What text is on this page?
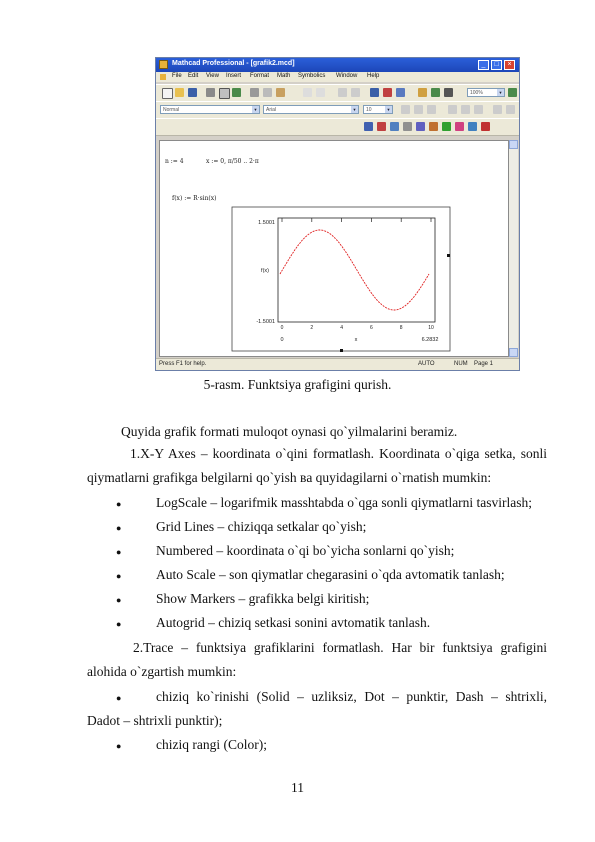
Mathcad Professional - [grafik2.mcd]	_	□	×
File Edit View Insert Format Math Symbolics Window Help
100%	▼
Normal	▼	Arial	▼	10	▼
n := 4	x := 0, π/50 .. 2·π
f(x) := R·sin(x)
1.5001
f(x)
-1.5001
0	2	4	6	8	10
0	x	6.2832
Press F1 for help.	AUTO	NUM Page 1
5-rasm. Funktsiya grafigini qurish.
Quyida grafik formati muloqot oynasi qo`yilmalarini beramiz.
1.X-Y Axes – koordinata o`qini formatlash. Koordinata o`qiga setka, sonli
qiymatlarni grafikga belgilarni qo`yish вa quyidagilarni o`rnatish mumkin:
●	LogScale – logarifmik masshtabda o`qga sonli qiymatlarni tasvirlash;
●	Grid Lines – chiziqqa setkalar qo`yish;
●	Numbered – koordinata o`qi bo`yicha sonlarni qo`yish;
●	Auto Scale – son qiymatlar chegarasini o`qda avtomatik tanlash;
●	Show Markers – grafikka belgi kiritish;
●	Autogrid – chiziq setkasi sonini avtomatik tanlash.
2.Trace – funktsiya grafiklarini formatlash. Har bir funktsiya grafigini
alohida o`zgartish mumkin:
●	chiziq ko`rinishi (Solid – uzliksiz, Dot – punktir, Dash – shtrixli,
Dadot – shtrixli punktir);
●	chiziq rangi (Color);
11
